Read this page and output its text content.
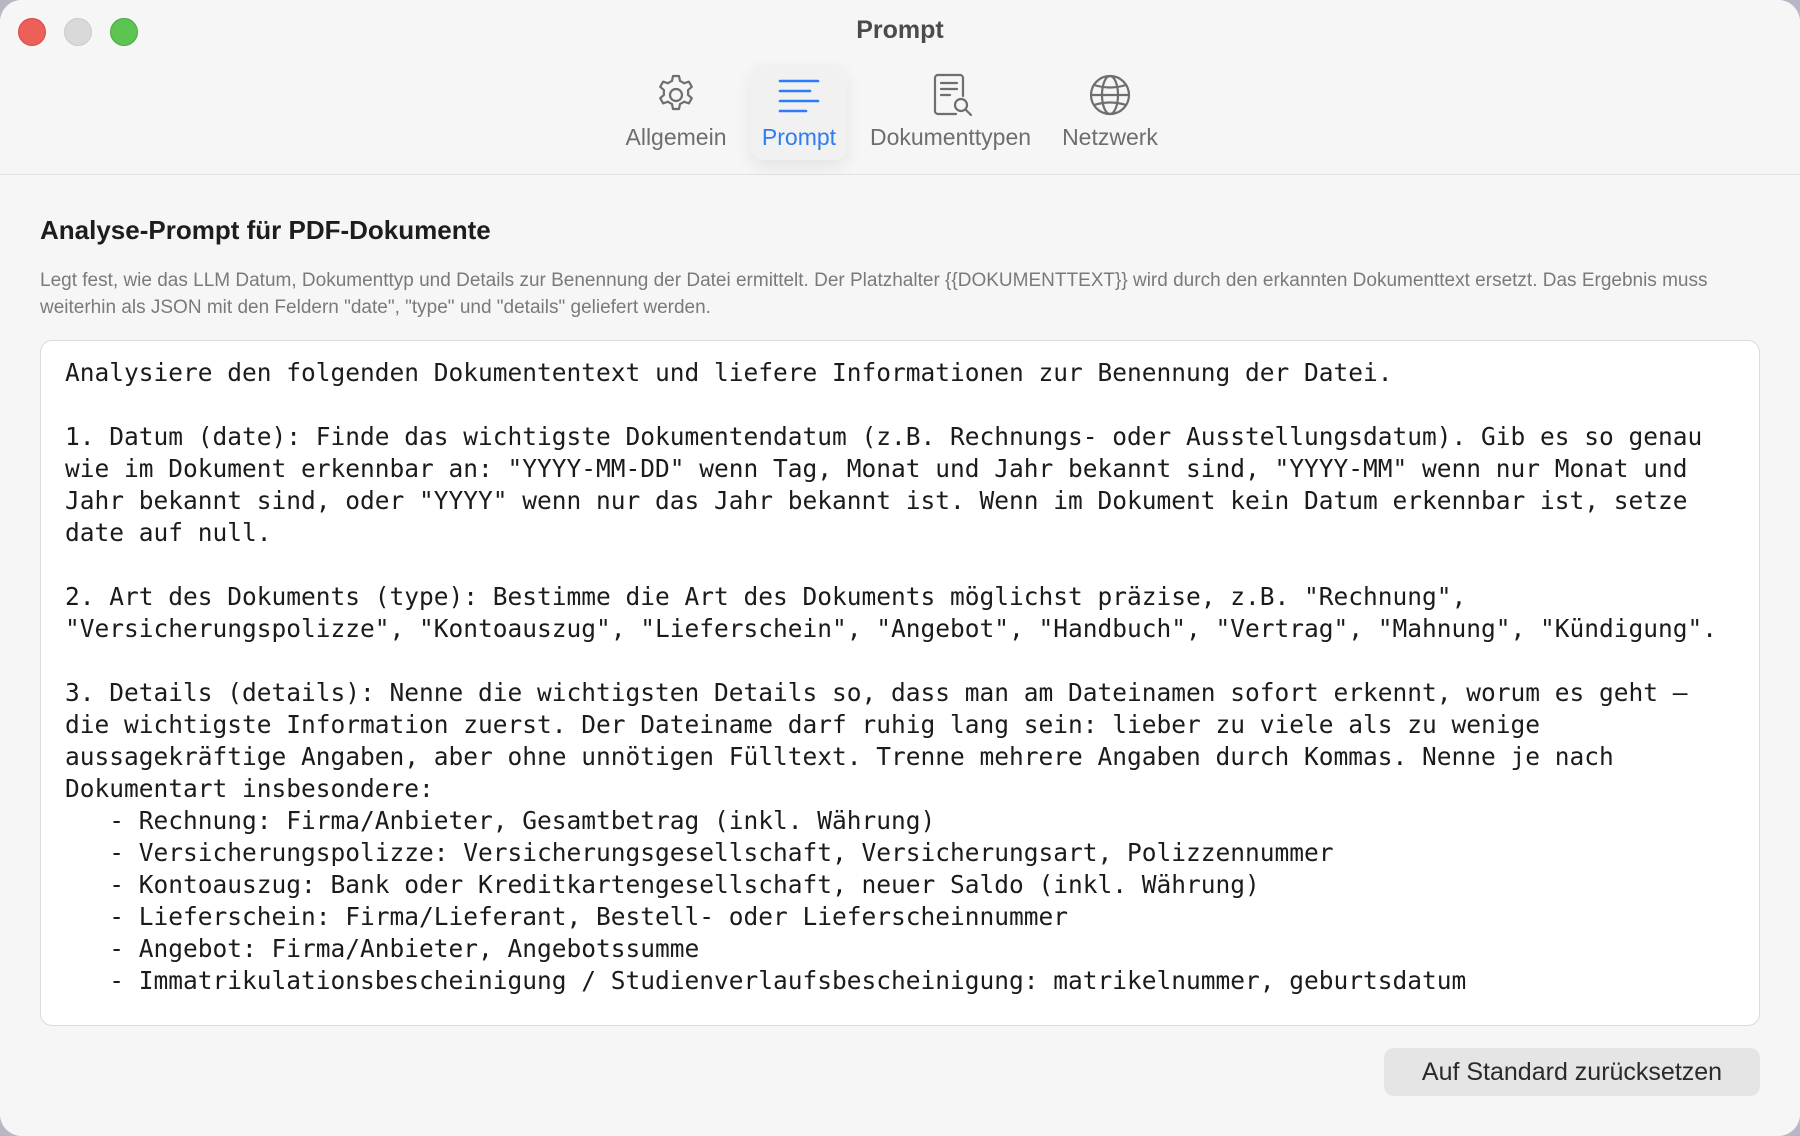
Prompt
Allgemein	Prompt	Dokumenttypen	Netzwerk
Analyse-Prompt für PDF-Dokumente
Legt fest, wie das LLM Datum, Dokumenttyp und Details zur Benennung der Datei ermittelt. Der Platzhalter {{DOKUMENTTEXT}} wird durch den erkannten Dokumenttext ersetzt. Das Ergebnis muss weiterhin als JSON mit den Feldern "date", "type" und "details" geliefert werden.
Analysiere den folgenden Dokumententext und liefere Informationen zur Benennung der Datei.

1. Datum (date): Finde das wichtigste Dokumentendatum (z.B. Rechnungs- oder Ausstellungsdatum). Gib es so genau wie im Dokument erkennbar an: "YYYY-MM-DD" wenn Tag, Monat und Jahr bekannt sind, "YYYY-MM" wenn nur Monat und Jahr bekannt sind, oder "YYYY" wenn nur das Jahr bekannt ist. Wenn im Dokument kein Datum erkennbar ist, setze date auf null.

2. Art des Dokuments (type): Bestimme die Art des Dokuments möglichst präzise, z.B. "Rechnung", "Versicherungspolizze", "Kontoauszug", "Lieferschein", "Angebot", "Handbuch", "Vertrag", "Mahnung", "Kündigung".

3. Details (details): Nenne die wichtigsten Details so, dass man am Dateinamen sofort erkennt, worum es geht — die wichtigste Information zuerst. Der Dateiname darf ruhig lang sein: lieber zu viele als zu wenige aussagekräftige Angaben, aber ohne unnötigen Fülltext. Trenne mehrere Angaben durch Kommas. Nenne je nach Dokumentart insbesondere:
- Rechnung: Firma/Anbieter, Gesamtbetrag (inkl. Währung)
- Versicherungspolizze: Versicherungsgesellschaft, Versicherungsart, Polizzennummer
- Kontoauszug: Bank oder Kreditkartengesellschaft, neuer Saldo (inkl. Währung)
- Lieferschein: Firma/Lieferant, Bestell- oder Lieferscheinnummer
- Angebot: Firma/Anbieter, Angebotssumme
- Immatrikulationsbescheinigung / Studienverlaufsbescheinigung: matrikelnummer, geburtsdatum
Auf Standard zurücksetzen
